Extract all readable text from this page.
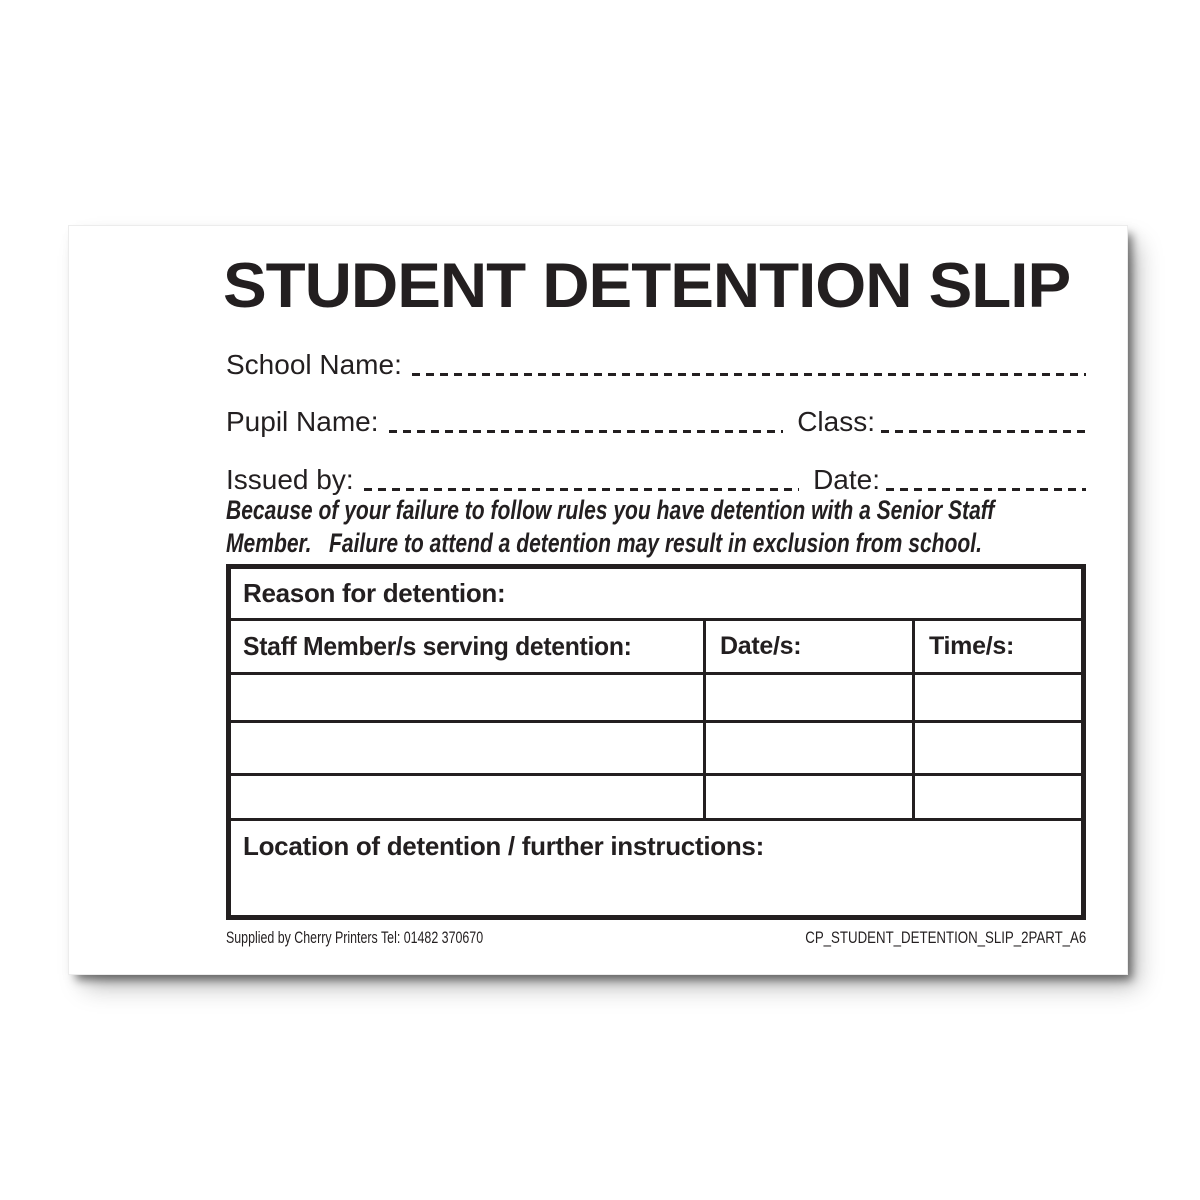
STUDENT DETENTION SLIP
School Name:
Pupil Name:	Class:
Issued by:	Date:
Because of your failure to follow rules you have detention with a Senior Staff
Member.   Failure to attend a detention may result in exclusion from school.
Reason for detention:
Staff Member/s serving detention:	Date/s:	Time/s:
Location of detention / further instructions:
Supplied by Cherry Printers Tel: 01482 370670	CP_STUDENT_DETENTION_SLIP_2PART_A6
